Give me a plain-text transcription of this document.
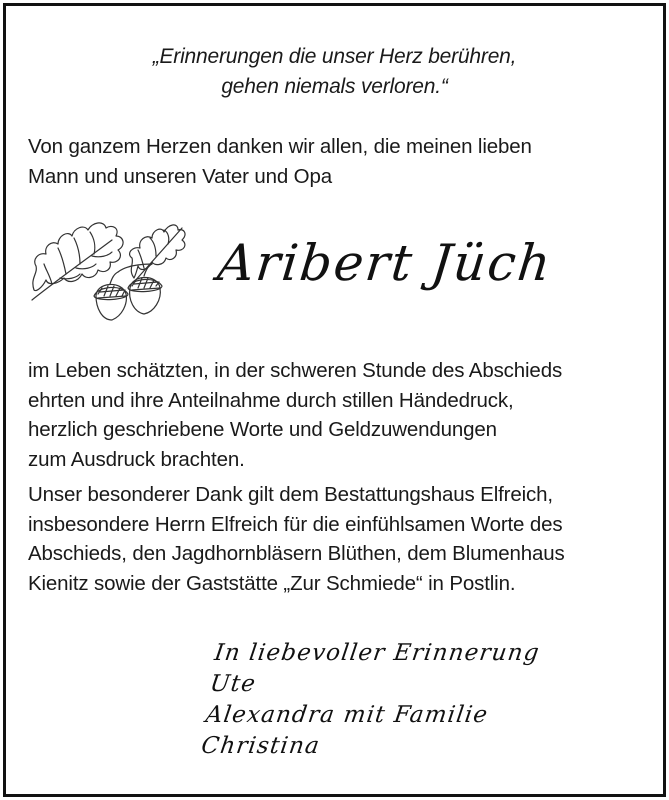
„Erinnerungen die unser Herz berühren,
gehen niemals verloren.“
Von ganzem Herzen danken wir allen, die meinen lieben
Mann und unseren Vater und Opa
Aribert Jüch
im Leben schätzten, in der schweren Stunde des Abschieds
ehrten und ihre Anteilnahme durch stillen Händedruck,
herzlich geschriebene Worte und Geldzuwendungen
zum Ausdruck brachten.
Unser besonderer Dank gilt dem Bestattungshaus Elfreich,
insbesondere Herrn Elfreich für die einfühlsamen Worte des
Abschieds, den Jagdhornbläsern Blüthen, dem Blumenhaus
Kienitz sowie der Gaststätte „Zur Schmiede“ in Postlin.
In liebevoller Erinnerung
Ute
Alexandra mit Familie
Christina
